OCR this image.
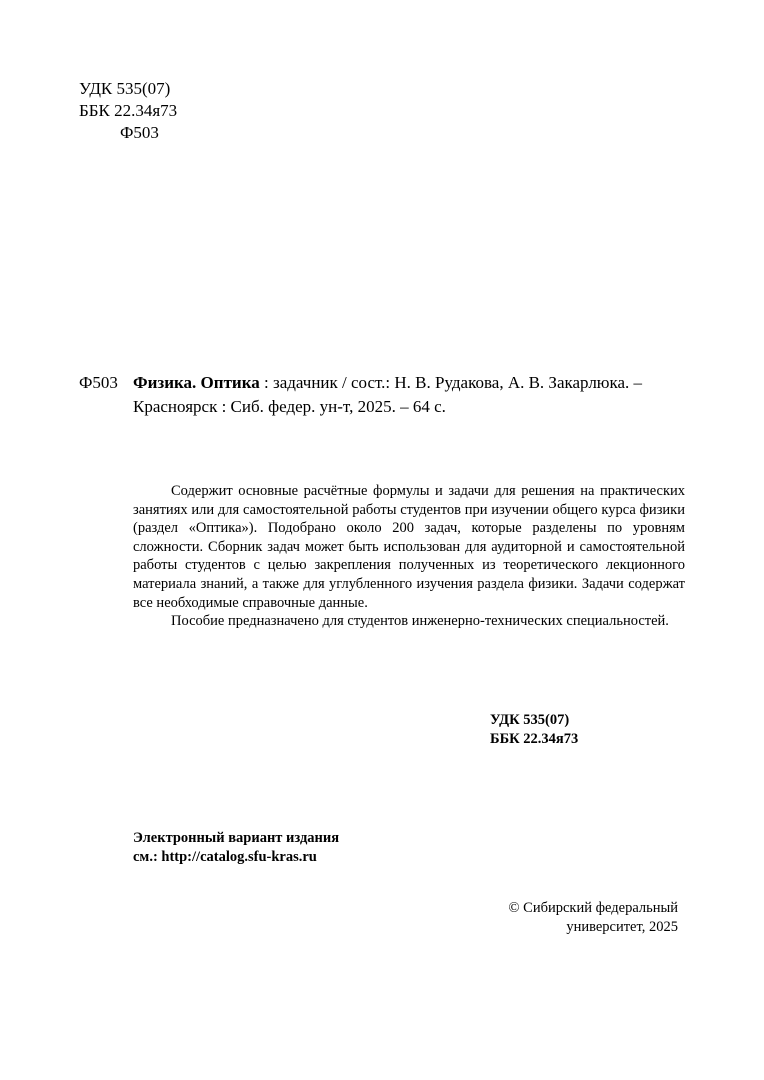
УДК 535(07)
ББК 22.34я73
Ф503
Ф503 Физика. Оптика : задачник / сост.: Н. В. Рудакова, А. В. Закарлюка. –
Красноярск : Сиб. федер. ун-т, 2025. – 64 с.

Содержит основные расчётные формулы и задачи для решения на практических занятиях или для самостоятельной работы студентов при изучении общего курса физики (раздел «Оптика»). Подобрано около 200 задач, которые разделены по уровням сложности. Сборник задач может быть использован для аудиторной и самостоятельной работы студентов с целью закрепления полученных из теоретического лекционного материала знаний, а также для углубленного изучения раздела физики. Задачи содержат все необходимые справочные данные.

Пособие предназначено для студентов инженерно-технических специальностей.

УДК 535(07)
ББК 22.34я73
Электронный вариант издания
см.: http://catalog.sfu-kras.ru
© Сибирский федеральный
университет, 2025
